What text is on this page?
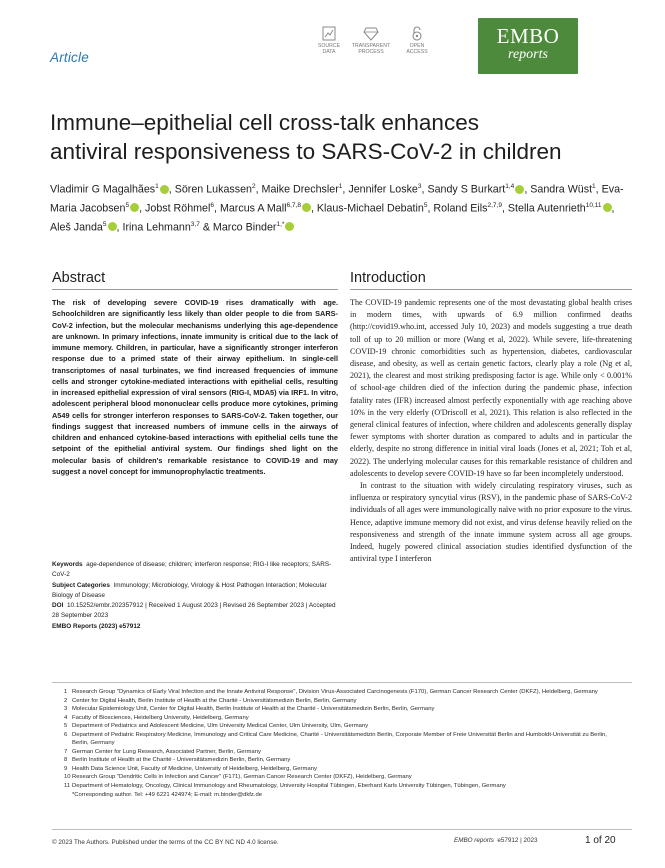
Article
SOURCE
DATA
TRANSPARENT
PROCESS
OPEN
ACCESS
EMBO
reports
Immune–epithelial cell cross-talk enhances
antiviral responsiveness to SARS-CoV-2 in children
Vladimir G Magalhães$^1$ , Sören Lukassen$^2$, Maike Drechsler$^1$, Jennifer Loske$^3$, Sandy S Burkart$^{1,4}$ , Sandra Wüst$^1$, Eva-Maria Jacobsen$^5$ , Jobst Röhmel$^6$, Marcus A Mall$^{6,7,8}$ , Klaus-Michael Debatin$^5$, Roland Eils$^{2,7,9}$, Stella Autenrieth$^{10,11}$ , Aleš Janda$^5$ , Irina Lehmann$^{3,7}$ & Marco Binder$^{1,*}$
Abstract
The risk of developing severe COVID-19 rises dramatically with age. Schoolchildren are significantly less likely than older people to die from SARS-CoV-2 infection, but the molecular mechanisms underlying this age-dependence are unknown. In primary infections, innate immunity is critical due to the lack of immune memory. Children, in particular, have a significantly stronger interferon response due to a primed state of their airway epithelium. In single-cell transcriptomes of nasal turbinates, we find increased frequencies of immune cells and stronger cytokine-mediated interactions with epithelial cells, resulting in increased epithelial expression of viral sensors (RIG-I, MDA5) via IRF1. In vitro, adolescent peripheral blood mononuclear cells produce more cytokines, priming A549 cells for stronger interferon responses to SARS-CoV-2. Taken together, our findings suggest that increased numbers of immune cells in the airways of children and enhanced cytokine-based interactions with epithelial cells tune the setpoint of the epithelial antiviral system. Our findings shed light on the molecular basis of children's remarkable resistance to COVID-19 and may suggest a novel concept for immunoprophylactic treatments.
Keywords age-dependence of disease; children; interferon response; RIG-I like receptors; SARS-CoV-2
Subject Categories Immunology; Microbiology, Virology & Host Pathogen Interaction; Molecular Biology of Disease
DOI 10.15252/embr.202357912 | Received 1 August 2023 | Revised 26 September 2023 | Accepted 28 September 2023
EMBO Reports (2023) e57912
Introduction

The COVID-19 pandemic represents one of the most devastating global health crises in modern times, with upwards of 6.9 million confirmed deaths (http://covid19.who.int, accessed July 10, 2023) and models suggesting a true death toll of up to 20 million or more (Wang et al, 2022). While severe, life-threatening COVID-19 chronic comorbidities such as hypertension, diabetes, cardiovascular disease, and obesity, as well as certain genetic factors, clearly play a role (Ng et al, 2021), the clearest and most striking predisposing factor is age. While only < 0.001% of school-age children died of the infection during the pandemic phase, infection fatality rates (IFR) increased almost perfectly exponentially with age reaching above 10% in the very elderly (O'Driscoll et al, 2021). This relation is also reflected in the general clinical features of infection, where children and adolescents generally display fewer symptoms with shorter duration as compared to adults and in particular the elderly, despite no strong difference in initial viral loads (Jones et al, 2021; Toh et al, 2022). The underlying molecular causes for this remarkable resistance of children and adolescents to develop severe COVID-19 have so far been incompletely understood.

In contrast to the situation with widely circulating respiratory viruses, such as influenza or respiratory syncytial virus (RSV), in the pandemic phase of SARS-CoV-2 individuals of all ages were immunologically naïve with no prior exposure to the virus. Hence, adaptive immune memory did not exist, and virus defense heavily relied on the responsiveness and strength of the innate immune system across all age groups. Indeed, hugely powered clinical association studies identified dysfunction of the antiviral type I interferon

1 Research Group "Dynamics of Early Viral Infection and the Innate Antiviral Response", Division Virus-Associated Carcinogenesis (F170), German Cancer Research Center (DKFZ), Heidelberg, Germany
2 Center for Digital Health, Berlin Institute of Health at the Charité - Universitätsmedizin Berlin, Berlin, Germany
3 Molecular Epidemiology Unit, Center for Digital Health, Berlin Institute of Health at the Charité - Universitätsmedizin Berlin, Berlin, Germany
4 Faculty of Biosciences, Heidelberg University, Heidelberg, Germany
5 Department of Pediatrics and Adolescent Medicine, Ulm University Medical Center, Ulm University, Ulm, Germany
6 Department of Pediatric Respiratory Medicine, Immunology and Critical Care Medicine, Charité - Universitätsmedizin Berlin, Corporate Member of Freie Universität Berlin and Humboldt-Universität zu Berlin, Berlin, Germany
7 German Center for Lung Research, Associated Partner, Berlin, Germany
8 Berlin Institute of Health at the Charité - Universitätsmedizin Berlin, Berlin, Germany
9 Health Data Science Unit, Faculty of Medicine, University of Heidelberg, Heidelberg, Germany
10 Research Group "Dendritic Cells in Infection and Cancer" (F171), German Cancer Research Center (DKFZ), Heidelberg, Germany
11 Department of Hematology, Oncology, Clinical Immunology and Rheumatology, University Hospital Tübingen, Eberhard Karls University Tübingen, Tübingen, Germany
*Corresponding author. Tel: +49 6221 424974; E-mail: m.binder@dkfz.de
© 2023 The Authors. Published under the terms of the CC BY NC ND 4.0 license.	EMBO reports e57912 | 2023	1 of 20
